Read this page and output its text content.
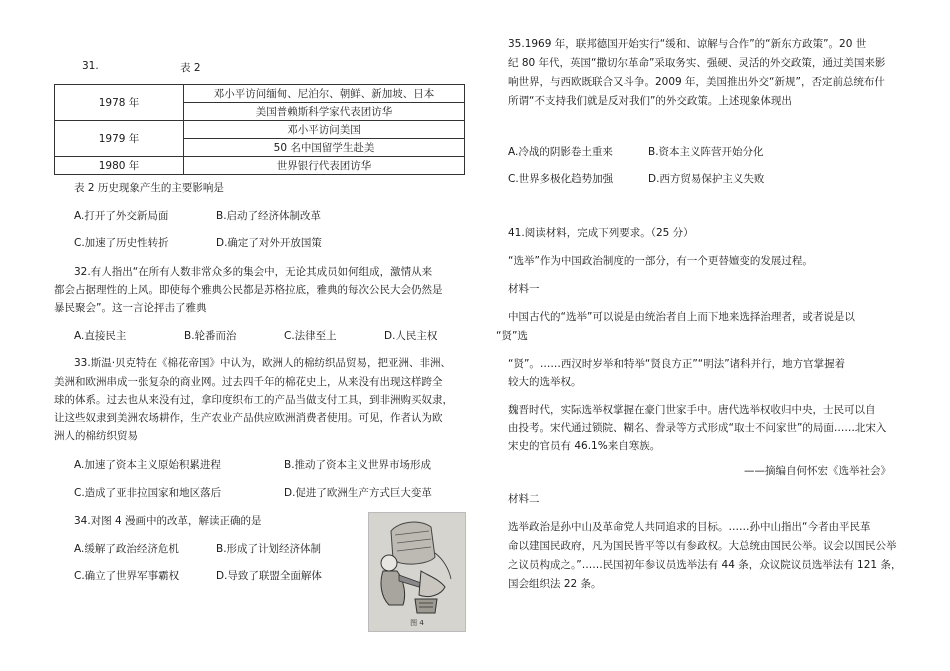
31.	表 2
1978 年	邓小平访问缅甸、尼泊尔、朝鲜、新加坡、日本
	美国普赖斯科学家代表团访华
1979 年	邓小平访问美国
	50 名中国留学生赴美
1980 年	世界银行代表团访华
表 2 历史现象产生的主要影响是
A.打开了外交新局面	B.启动了经济体制改革
C.加速了历史性转折	D.确定了对外开放国策
32.有人指出“在所有人数非常众多的集会中，无论其成员如何组成，激情从来
都会占据理性的上风。即使每个雅典公民都是苏格拉底，雅典的每次公民大会仍然是
暴民聚会”。这一言论抨击了雅典
A.直接民主	B.轮番而治	C.法律至上	D.人民主权
33.斯温·贝克特在《棉花帝国》中认为，欧洲人的棉纺织品贸易，把亚洲、非洲、
美洲和欧洲串成一张复杂的商业网。过去四千年的棉花史上，从来没有出现这样跨全
球的体系。过去也从来没有过，拿印度织布工的产品当做支付工具，到非洲购买奴隶，
让这些奴隶到美洲农场耕作，生产农业产品供应欧洲消费者使用。可见，作者认为欧
洲人的棉纺织贸易
A.加速了资本主义原始积累进程	B.推动了资本主义世界市场形成
C.造成了亚非拉国家和地区落后	D.促进了欧洲生产方式巨大变革
34.对图 4 漫画中的改革，解读正确的是
A.缓解了政治经济危机	B.形成了计划经济体制
C.确立了世界军事霸权	D.导致了联盟全面解体
图 4
35.1969 年，联邦德国开始实行“缓和、谅解与合作”的“新东方政策”。20 世
纪 80 年代，英国“撒切尔革命”采取务实、强硬、灵活的外交政策，通过美国来影
响世界，与西欧既联合又斗争。2009 年，美国推出外交“新规”，否定前总统布什
所谓“不支持我们就是反对我们”的外交政策。上述现象体现出
A.冷战的阴影卷土重来	B.资本主义阵营开始分化
C.世界多极化趋势加强	D.西方贸易保护主义失败
41.阅读材料，完成下列要求。（25 分）
“选举”作为中国政治制度的一部分，有一个更替嬗变的发展过程。
材料一
中国古代的“选举”可以说是由统治者自上而下地来选择治理者，或者说是以
“贤”选
“贤”。……西汉时岁举和特举“贤良方正”“明法”诸科并行，地方官掌握着
较大的选举权。
魏晋时代，实际选举权掌握在豪门世家手中。唐代选举权收归中央，士民可以自
由投考。宋代通过锁院、糊名、誊录等方式形成“取士不问家世”的局面……北宋入
宋史的官员有 46.1%来自寒族。
——摘编自何怀宏《选举社会》
材料二
选举政治是孙中山及革命党人共同追求的目标。……孙中山指出“今者由平民革
命以建国民政府，凡为国民皆平等以有参政权。大总统由国民公举。议会以国民公举
之议员构成之。”……民国初年参议员选举法有 44 条，众议院议员选举法有 121 条，
国会组织法 22 条。
